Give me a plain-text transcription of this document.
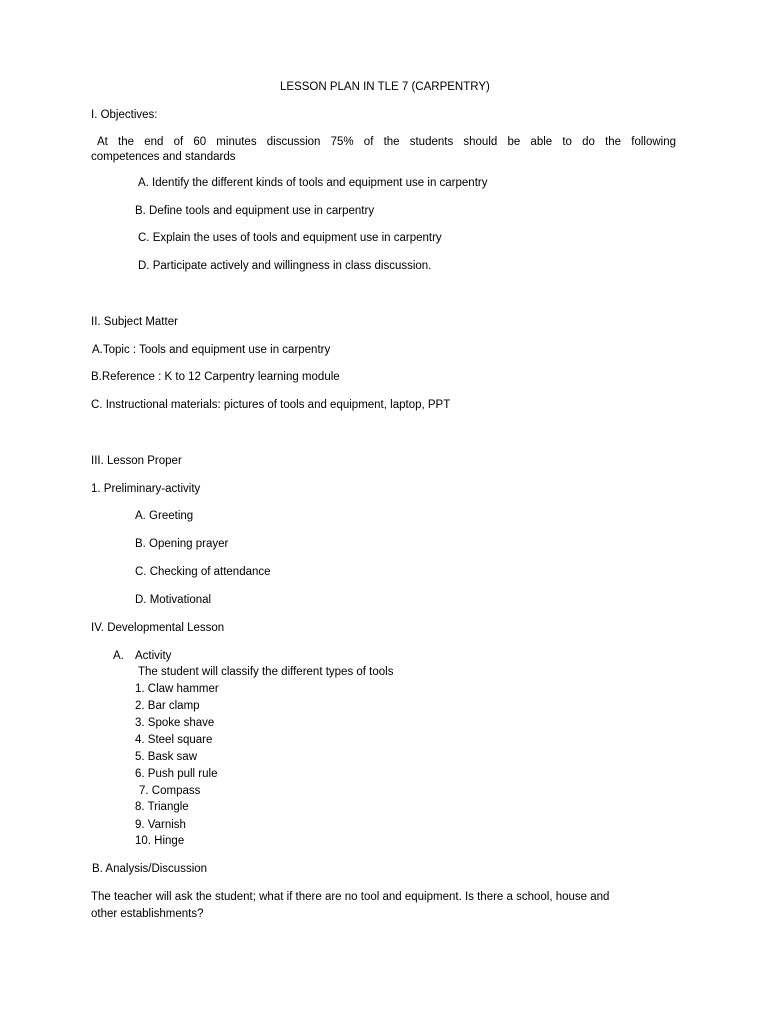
LESSON PLAN IN TLE 7 (CARPENTRY)
I. Objectives:
At the end of 60 minutes discussion 75% of the students should be able to do the following
competences and standards
A. Identify the different kinds of tools and equipment use in carpentry
B. Define tools and equipment use in carpentry
C. Explain the uses of tools and equipment use in carpentry
D. Participate actively and willingness in class discussion.
II. Subject Matter
A.Topic : Tools and equipment use in carpentry
B.Reference : K to 12 Carpentry learning module
C. Instructional materials: pictures of tools and equipment, laptop, PPT
III. Lesson Proper
1. Preliminary-activity
A. Greeting
B. Opening prayer
C. Checking of attendance
D. Motivational
IV. Developmental Lesson
A. Activity
The student will classify the different types of tools
1. Claw hammer
2. Bar clamp
3. Spoke shave
4. Steel square
5. Bask saw
6. Push pull rule
7. Compass
8. Triangle
9. Varnish
10. Hinge
B. Analysis/Discussion
The teacher will ask the student; what if there are no tool and equipment. Is there a school, house and
other establishments?
